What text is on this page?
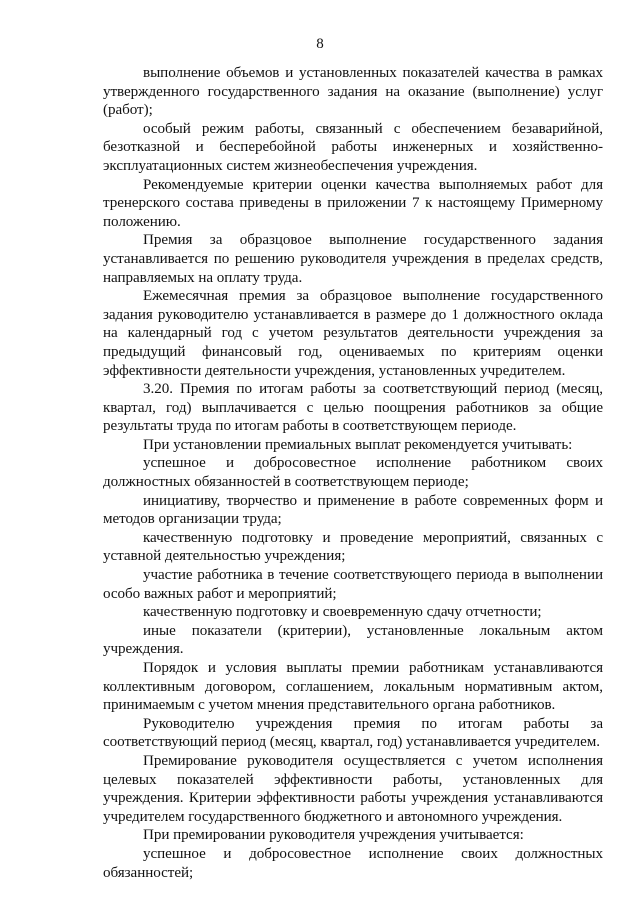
8

выполнение объемов и установленных показателей качества в рамках утвержденного государственного задания на оказание (выполнение) услуг (работ);

особый режим работы, связанный с обеспечением безаварийной, безотказной и бесперебойной работы инженерных и хозяйственно-эксплуатационных систем жизнеобеспечения учреждения.

Рекомендуемые критерии оценки качества выполняемых работ для тренерского состава приведены в приложении 7 к настоящему Примерному положению.

Премия за образцовое выполнение государственного задания устанавливается по решению руководителя учреждения в пределах средств, направляемых на оплату труда.

Ежемесячная премия за образцовое выполнение государственного задания руководителю устанавливается в размере до 1 должностного оклада на календарный год с учетом результатов деятельности учреждения за предыдущий финансовый год, оцениваемых по критериям оценки эффективности деятельности учреждения, установленных учредителем.

3.20. Премия по итогам работы за соответствующий период (месяц, квартал, год) выплачивается с целью поощрения работников за общие результаты труда по итогам работы в соответствующем периоде.

При установлении премиальных выплат рекомендуется учитывать:

успешное и добросовестное исполнение работником своих должностных обязанностей в соответствующем периоде;

инициативу, творчество и применение в работе современных форм и методов организации труда;

качественную подготовку и проведение мероприятий, связанных с уставной деятельностью учреждения;

участие работника в течение соответствующего периода в выполнении особо важных работ и мероприятий;

качественную подготовку и своевременную сдачу отчетности;

иные показатели (критерии), установленные локальным актом учреждения.

Порядок и условия выплаты премии работникам устанавливаются коллективным договором, соглашением, локальным нормативным актом, принимаемым с учетом мнения представительного органа работников.

Руководителю учреждения премия по итогам работы за соответствующий период (месяц, квартал, год) устанавливается учредителем.

Премирование руководителя осуществляется с учетом исполнения целевых показателей эффективности работы, установленных для учреждения. Критерии эффективности работы учреждения устанавливаются учредителем государственного бюджетного и автономного учреждения.

При премировании руководителя учреждения учитывается:

успешное и добросовестное исполнение своих должностных обязанностей;
